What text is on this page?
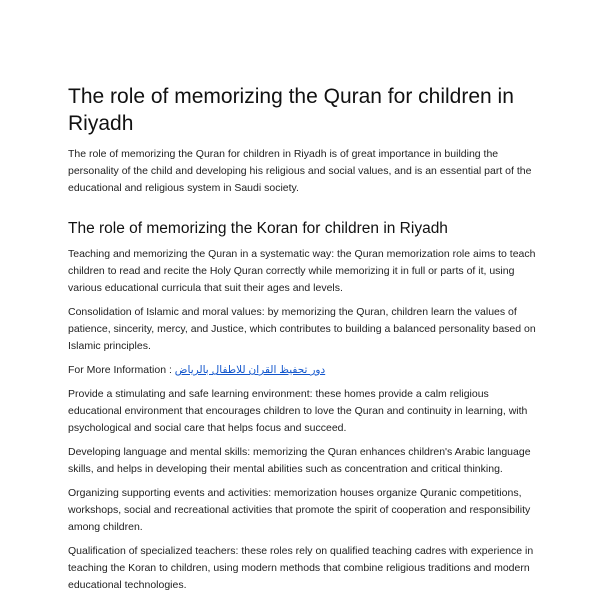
The role of memorizing the Quran for children in Riyadh

The role of memorizing the Quran for children in Riyadh is of great importance in building the personality of the child and developing his religious and social values, and is an essential part of the educational and religious system in Saudi society.

The role of memorizing the Koran for children in Riyadh

Teaching and memorizing the Quran in a systematic way: the Quran memorization role aims to teach children to read and recite the Holy Quran correctly while memorizing it in full or parts of it, using various educational curricula that suit their ages and levels.

Consolidation of Islamic and moral values: by memorizing the Quran, children learn the values of patience, sincerity, mercy, and Justice, which contributes to building a balanced personality based on Islamic principles.

For More Information : دور تحفيظ القران للاطفال بالرياض

Provide a stimulating and safe learning environment: these homes provide a calm religious educational environment that encourages children to love the Quran and continuity in learning, with psychological and social care that helps focus and succeed.

Developing language and mental skills: memorizing the Quran enhances children's Arabic language skills, and helps in developing their mental abilities such as concentration and critical thinking.

Organizing supporting events and activities: memorization houses organize Quranic competitions, workshops, social and recreational activities that promote the spirit of cooperation and responsibility among children.

Qualification of specialized teachers: these roles rely on qualified teaching cadres with experience in teaching the Koran to children, using modern methods that combine religious traditions and modern educational technologies.
